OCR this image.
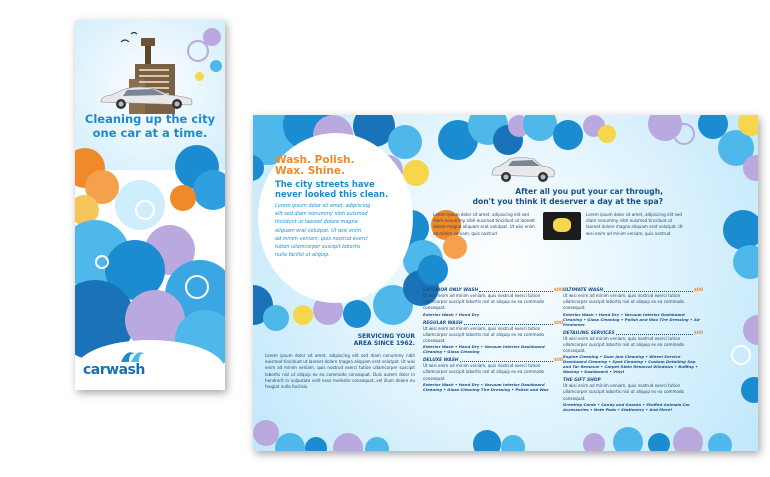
Cleaning up the city
one car at a time.
carwash
Wash. Polish.
Wax. Shine.
The city streets have
never looked this clean.
Lorem ipsum dolor sit amet, adipiscing
elit sed diam nonummy nibh euismod
tincidunt ut laoreet dolore magna
aliquam erat volutpat. Ut wisi enim
ad minim veniam, quis nostrud exerci
tution ullamcorper suscipit lobortis
nulla facilisi ut aliquip.
SERVICING YOUR
AREA SINCE 1962.
Lorem ipsum dolor sit amet, adipiscing elit sed diam nonummy nibh euismod tincidunt ut laoreet dolore magna aliquam erat volutpat. Ut wisi enim ad minim veniam, quis nostrud exerci tution ullamcorper suscipit lobortis nisl ut aliquip ex ea commodo consequat. Duis autem dolor in hendrerit in vulputate velit esse molestie consequat, vel illum dolore eu feugiat nulla facilisis.
After all you put your car through,
don't you think it deserver a day at the spa?
Lorem ipsum dolor sit amet, adipiscing elit sed diam nonummy nibh euismod tincidunt ut laoreet dolore magna aliquam erat volutpat. Ut wisi enim ad minim veniam, quis nostrud
Lorem ipsum dolor sit amet, adipiscing elit sed diam nonummy nibh euismod tincidunt ut laoreet dolore magna aliquam erat volutpat. Ut wisi enim ad minim veniam, quis nostrud
EXTERIOR ONLY WASH	$00
Ut wisi enim ad minim veniam, quis nostrud exerci tution ullamcorper suscipit lobortis nisl ut aliquip ex ea commodo consequat.
Exterior Wash • Hand Dry
REGULAR WASH	$00
Ut wisi enim ad minim veniam, quis nostrud exerci tution ullamcorper suscipit lobortis nisl ut aliquip ex ea commodo consequat.
Exterior Wash • Hand Dry • Vacuum Interior Dashboard Cleaning • Glass Cleaning
DELUXE WASH	$00
Ut wisi enim ad minim veniam, quis nostrud exerci tution ullamcorper suscipit lobortis nisl ut aliquip ex ea commodo consequat.
Exterior Wash • Hand Dry • Vacuum Interior Dashboard Cleaning • Glass Cleaning Tire Dressing • Polish and Wax
ULTIMATE WASH	$00
Ut wisi enim ad minim veniam, quis nostrud exerci tution ullamcorper suscipit lobortis nisl ut aliquip ex ea commodo consequat.
Exterior Wash • Hand Dry • Vacuum Interior Dashboard Cleaning • Glass Cleaning • Polish and Wax Tire Dressing • Air Freshener
DETAILING SERVICES	$00
Ut wisi enim ad minim veniam, quis nostrud exerci tution ullamcorper suscipit lobortis nisl ut aliquip ex ea commodo consequat.
Engine Cleaning • Door Jam Cleaning • Wheel Service Dashboard Cleaning • Spot Cleaning • Custom Detailing Sap and Tar Removal • Carpet Stain Removal Windows • Buffing • Waxing • Dashboard • Vinyl
THE GIFT SHOP
Ut wisi enim ad minim veniam, quis nostrud exerci tution ullamcorper suscipit lobortis nisl ut aliquip ex ea commodo consequat.
Greeting Cards • Candy and Snacks • Stuffed Animals Car Accessories • Note Pads • Stationery • And More!
